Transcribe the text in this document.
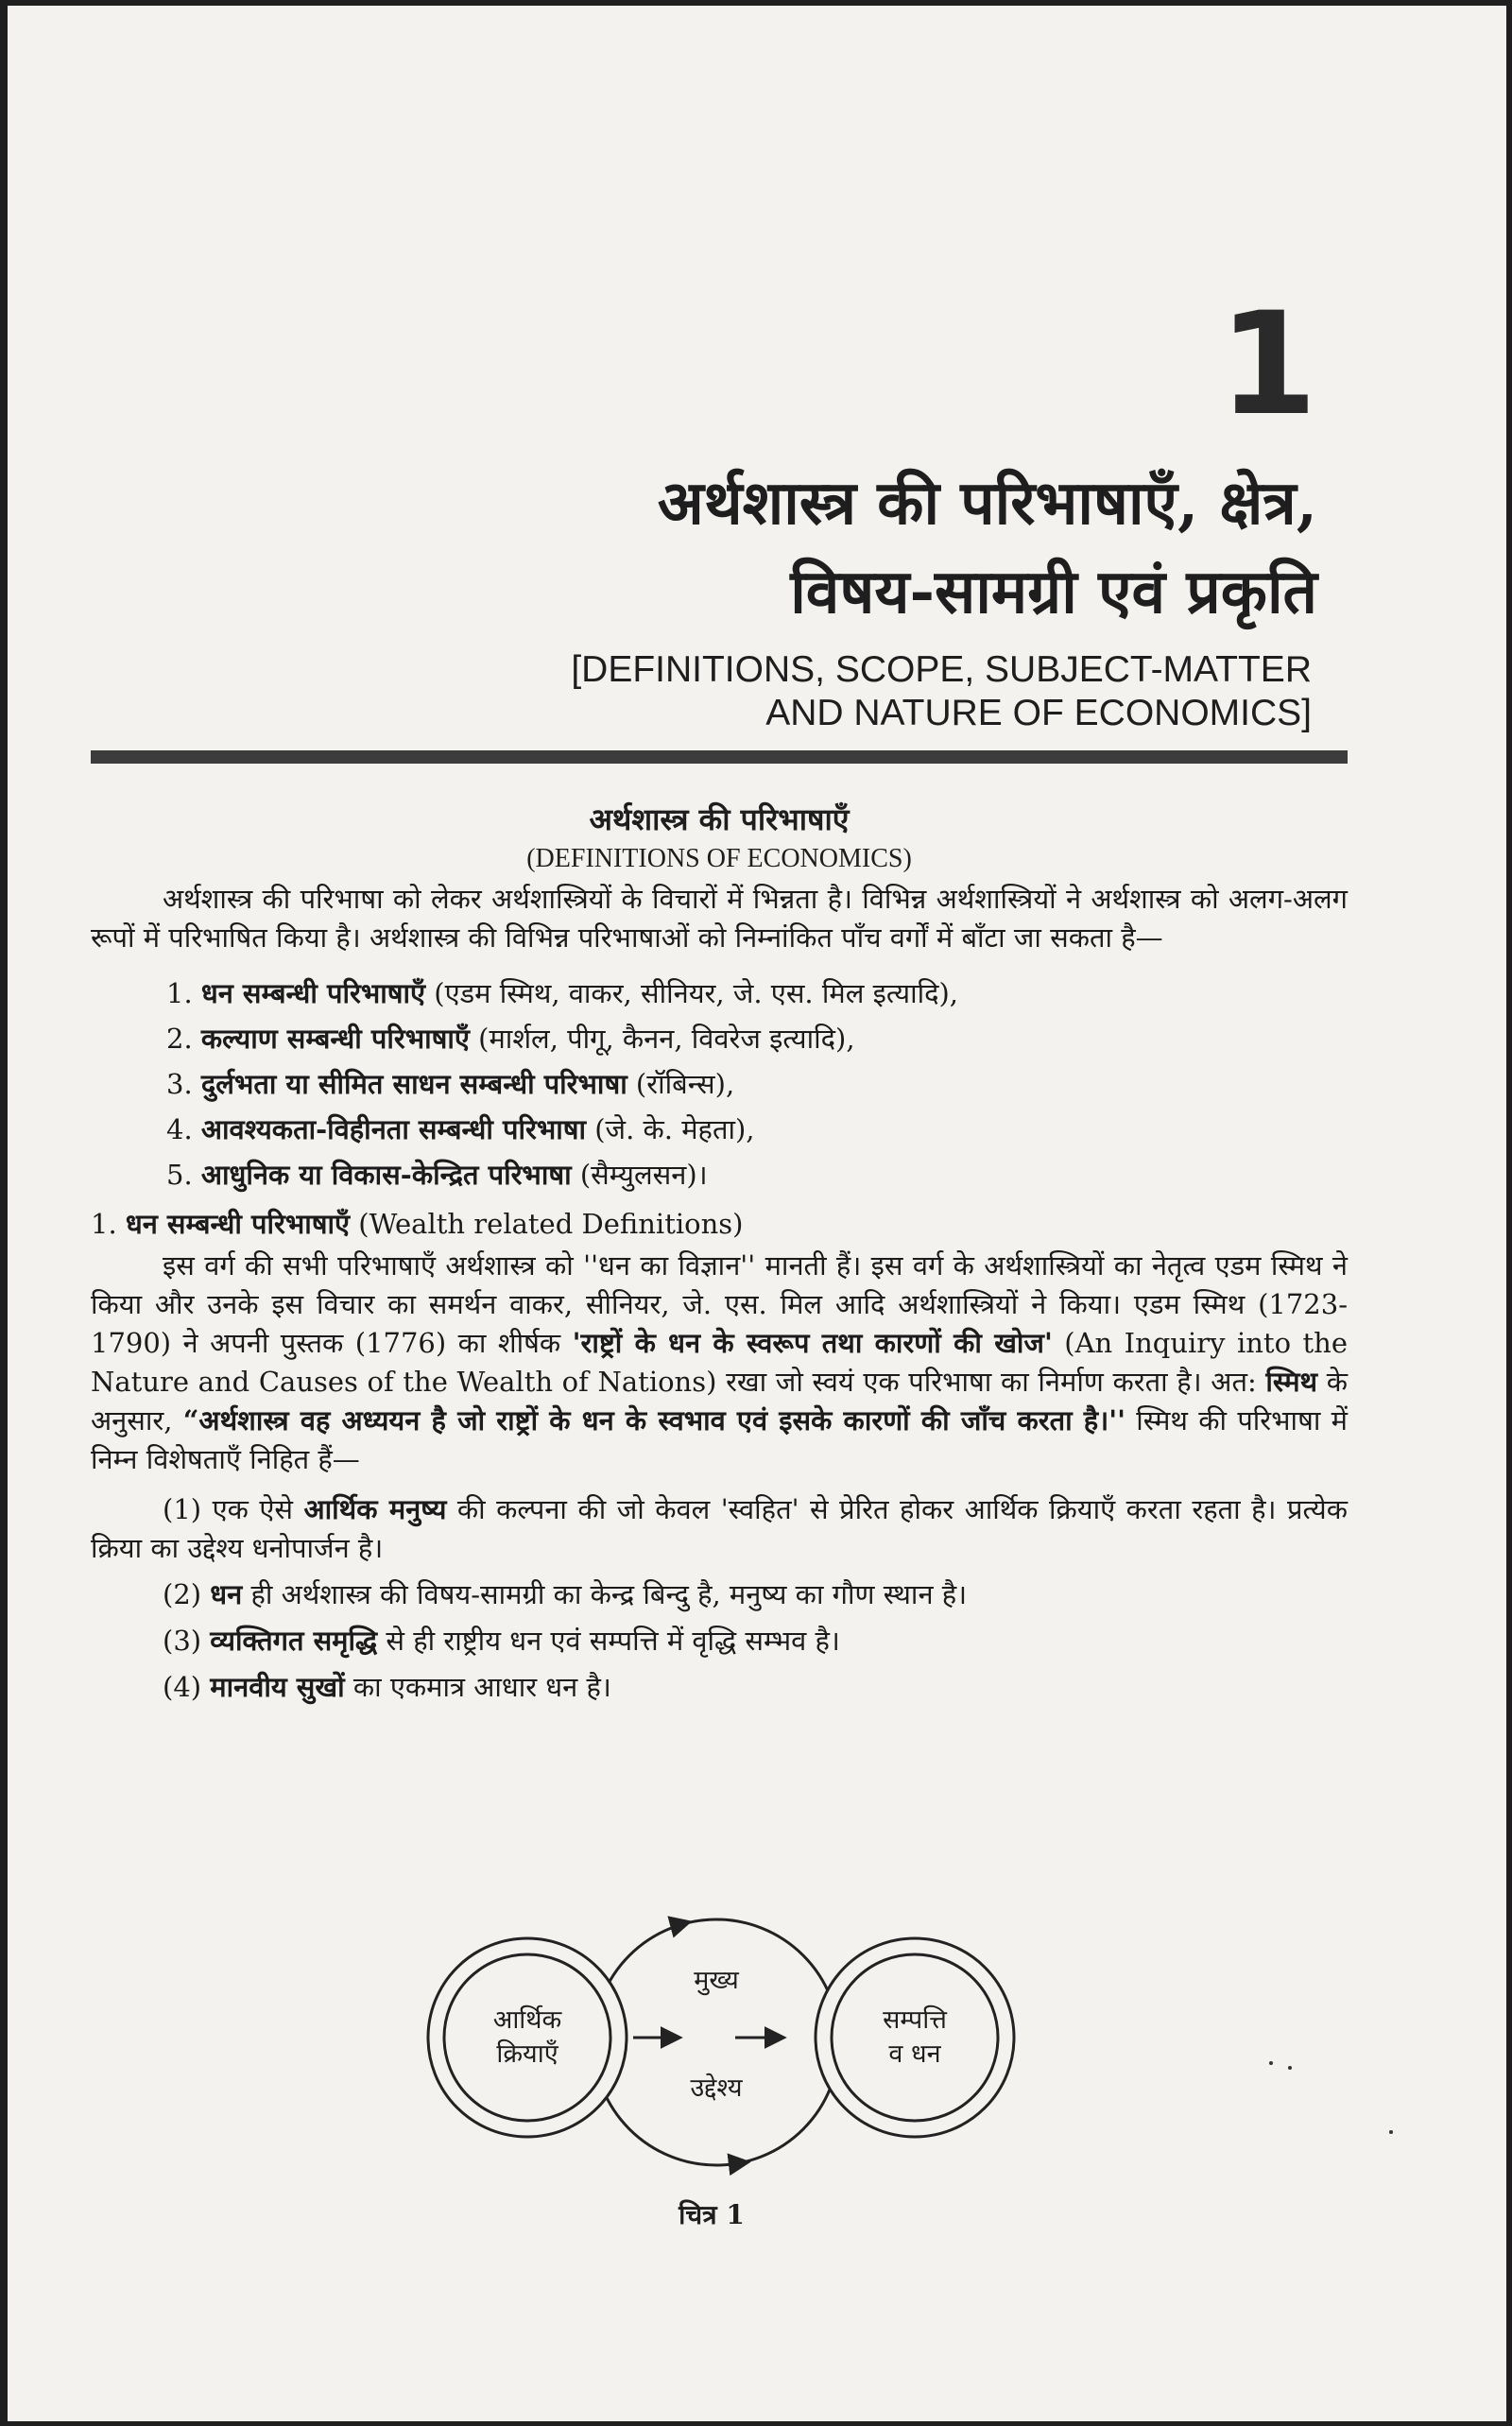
1
अर्थशास्त्र की परिभाषाएँ, क्षेत्र,
विषय-सामग्री एवं प्रकृति
[DEFINITIONS, SCOPE, SUBJECT-MATTER
AND NATURE OF ECONOMICS]
अर्थशास्त्र की परिभाषाएँ
(DEFINITIONS OF ECONOMICS)

अर्थशास्त्र की परिभाषा को लेकर अर्थशास्त्रियों के विचारों में भिन्नता है। विभिन्न अर्थशास्त्रियों ने अर्थशास्त्र को अलग-अलग रूपों में परिभाषित किया है। अर्थशास्त्र की विभिन्न परिभाषाओं को निम्नांकित पाँच वर्गों में बाँटा जा सकता है—

1. धन सम्बन्धी परिभाषाएँ (एडम स्मिथ, वाकर, सीनियर, जे. एस. मिल इत्यादि),
2. कल्याण सम्बन्धी परिभाषाएँ (मार्शल, पीगू, कैनन, विवरेज इत्यादि),
3. दुर्लभता या सीमित साधन सम्बन्धी परिभाषा (रॉबिन्स),
4. आवश्यकता-विहीनता सम्बन्धी परिभाषा (जे. के. मेहता),
5. आधुनिक या विकास-केन्द्रित परिभाषा (सैम्युलसन)।
1. धन सम्बन्धी परिभाषाएँ (Wealth related Definitions)

इस वर्ग की सभी परिभाषाएँ अर्थशास्त्र को ''धन का विज्ञान'' मानती हैं। इस वर्ग के अर्थशास्त्रियों का नेतृत्व एडम स्मिथ ने किया और उनके इस विचार का समर्थन वाकर, सीनियर, जे. एस. मिल आदि अर्थशास्त्रियों ने किया। एडम स्मिथ (1723-1790) ने अपनी पुस्तक (1776) का शीर्षक 'राष्ट्रों के धन के स्वरूप तथा कारणों की खोज' (An Inquiry into the Nature and Causes of the Wealth of Nations) रखा जो स्वयं एक परिभाषा का निर्माण करता है। अत: स्मिथ के अनुसार, “अर्थशास्त्र वह अध्ययन है जो राष्ट्रों के धन के स्वभाव एवं इसके कारणों की जाँच करता है।'' स्मिथ की परिभाषा में निम्न विशेषताएँ निहित हैं—

(1) एक ऐसे आर्थिक मनुष्य की कल्पना की जो केवल 'स्वहित' से प्रेरित होकर आर्थिक क्रियाएँ करता रहता है। प्रत्येक क्रिया का उद्देश्य धनोपार्जन है।

(2) धन ही अर्थशास्त्र की विषय-सामग्री का केन्द्र बिन्दु है, मनुष्य का गौण स्थान है।

(3) व्यक्तिगत समृद्धि से ही राष्ट्रीय धन एवं सम्पत्ति में वृद्धि सम्भव है।

(4) मानवीय सुखों का एकमात्र आधार धन है।

आर्थिक
क्रियाएँ
मुख्य
उद्देश्य
सम्पत्ति
व धन
चित्र 1
